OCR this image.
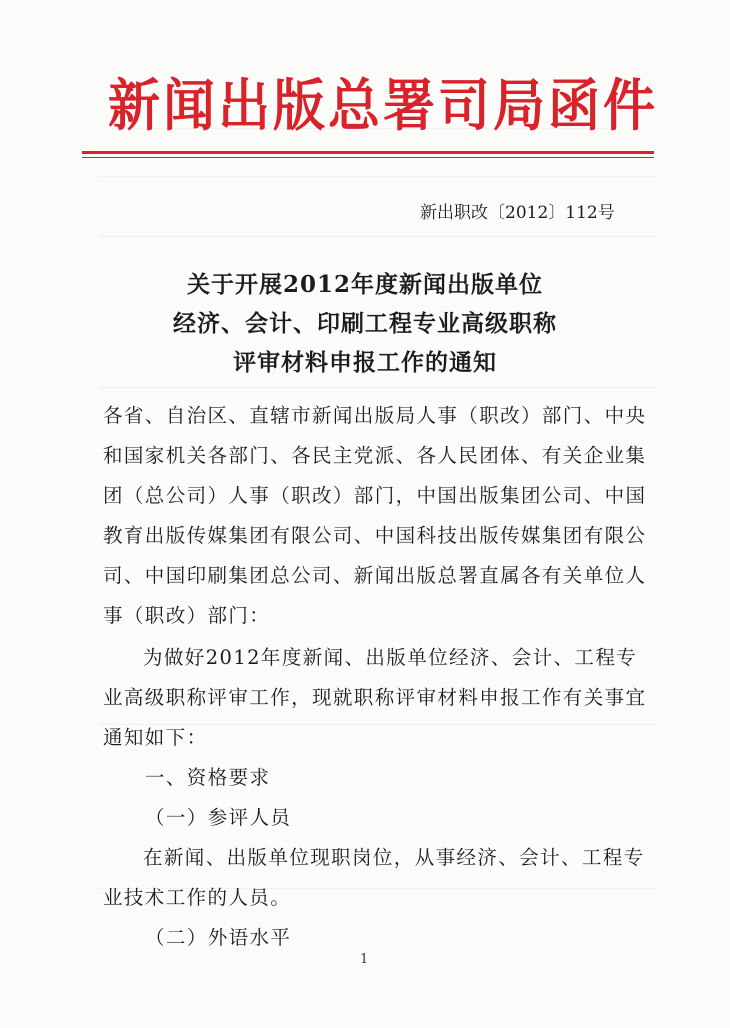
新闻出版总署司局函件
新出职改〔2012〕112号
关于开展2012年度新闻出版单位
经济、会计、印刷工程专业高级职称
评审材料申报工作的通知
各省、自治区、直辖市新闻出版局人事（职改）部门、中央
和国家机关各部门、各民主党派、各人民团体、有关企业集
团（总公司）人事（职改）部门，中国出版集团公司、中国
教育出版传媒集团有限公司、中国科技出版传媒集团有限公
司、中国印刷集团总公司、新闻出版总署直属各有关单位人
事（职改）部门：
为做好2012年度新闻、出版单位经济、会计、工程专
业高级职称评审工作，现就职称评审材料申报工作有关事宜
通知如下：
一、资格要求
（一）参评人员
在新闻、出版单位现职岗位，从事经济、会计、工程专
业技术工作的人员。
（二）外语水平
1
